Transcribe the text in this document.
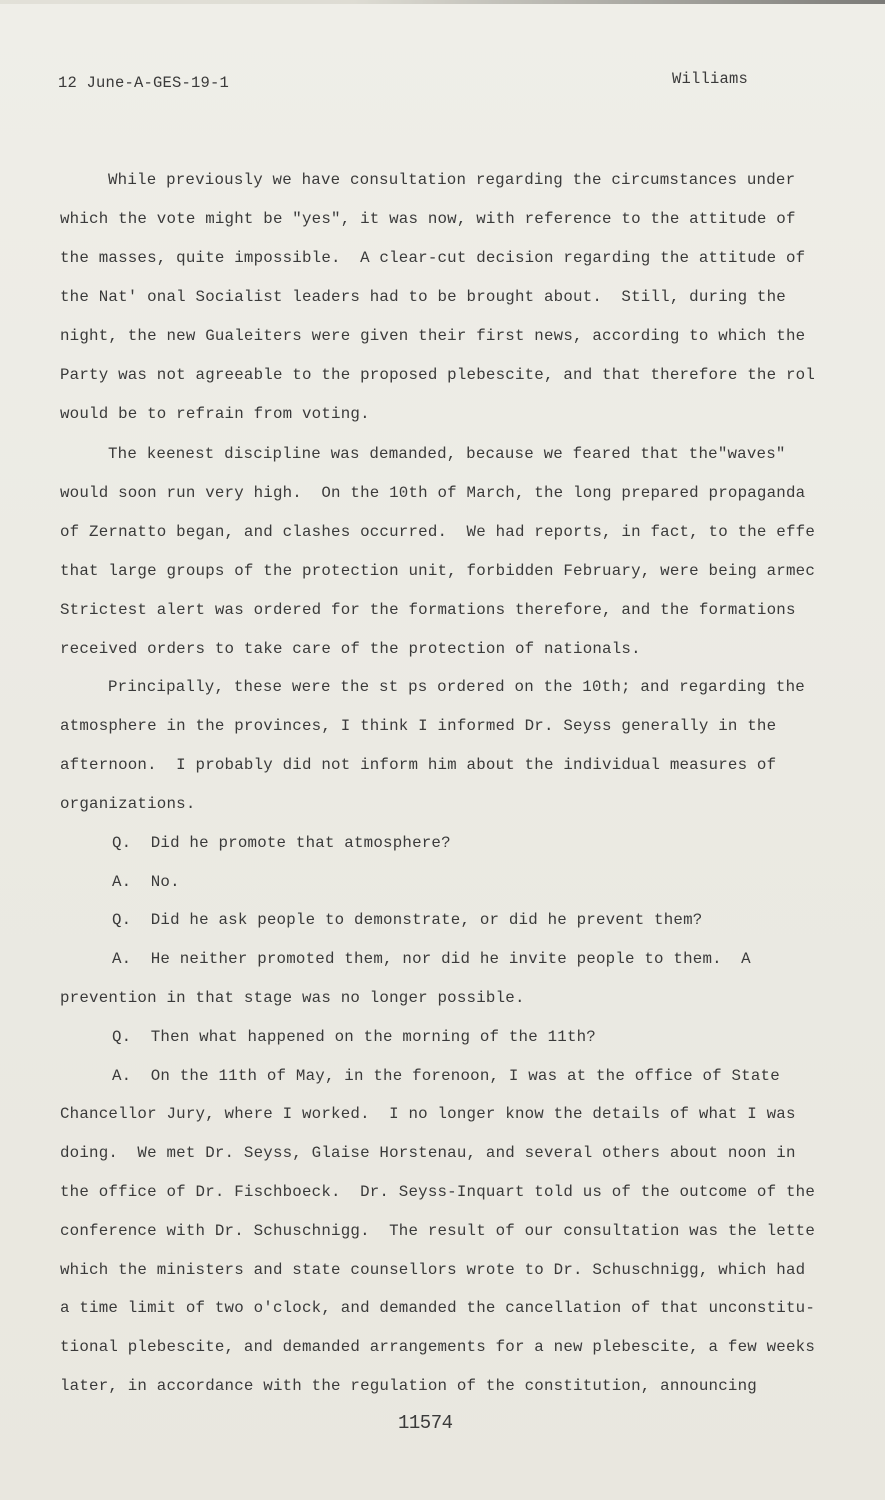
12 June-A-GES-19-1	Williams
While previously we have consultation regarding the circumstances under
which the vote might be "yes", it was now, with reference to the attitude of
the masses, quite impossible.  A clear-cut decision regarding the attitude of
the Nat' onal Socialist leaders had to be brought about.  Still, during the
night, the new Gualeiters were given their first news, according to which the
Party was not agreeable to the proposed plebescite, and that therefore the rol
would be to refrain from voting.
The keenest discipline was demanded, because we feared that the"waves"
would soon run very high.  On the 10th of March, the long prepared propaganda
of Zernatto began, and clashes occurred.  We had reports, in fact, to the effe
that large groups of the protection unit, forbidden February, were being armec
Strictest alert was ordered for the formations therefore, and the formations
received orders to take care of the protection of nationals.
Principally, these were the st ps ordered on the 10th; and regarding the
atmosphere in the provinces, I think I informed Dr. Seyss generally in the
afternoon.  I probably did not inform him about the individual measures of
organizations.
Q.  Did he promote that atmosphere?
A.  No.
Q.  Did he ask people to demonstrate, or did he prevent them?
A.  He neither promoted them, nor did he invite people to them.  A
prevention in that stage was no longer possible.
Q.  Then what happened on the morning of the 11th?
A.  On the 11th of May, in the forenoon, I was at the office of State
Chancellor Jury, where I worked.  I no longer know the details of what I was
doing.  We met Dr. Seyss, Glaise Horstenau, and several others about noon in
the office of Dr. Fischboeck.  Dr. Seyss-Inquart told us of the outcome of the
conference with Dr. Schuschnigg.  The result of our consultation was the lette
which the ministers and state counsellors wrote to Dr. Schuschnigg, which had
a time limit of two o'clock, and demanded the cancellation of that unconstitu-
tional plebescite, and demanded arrangements for a new plebescite, a few weeks
later, in accordance with the regulation of the constitution, announcing
11574
